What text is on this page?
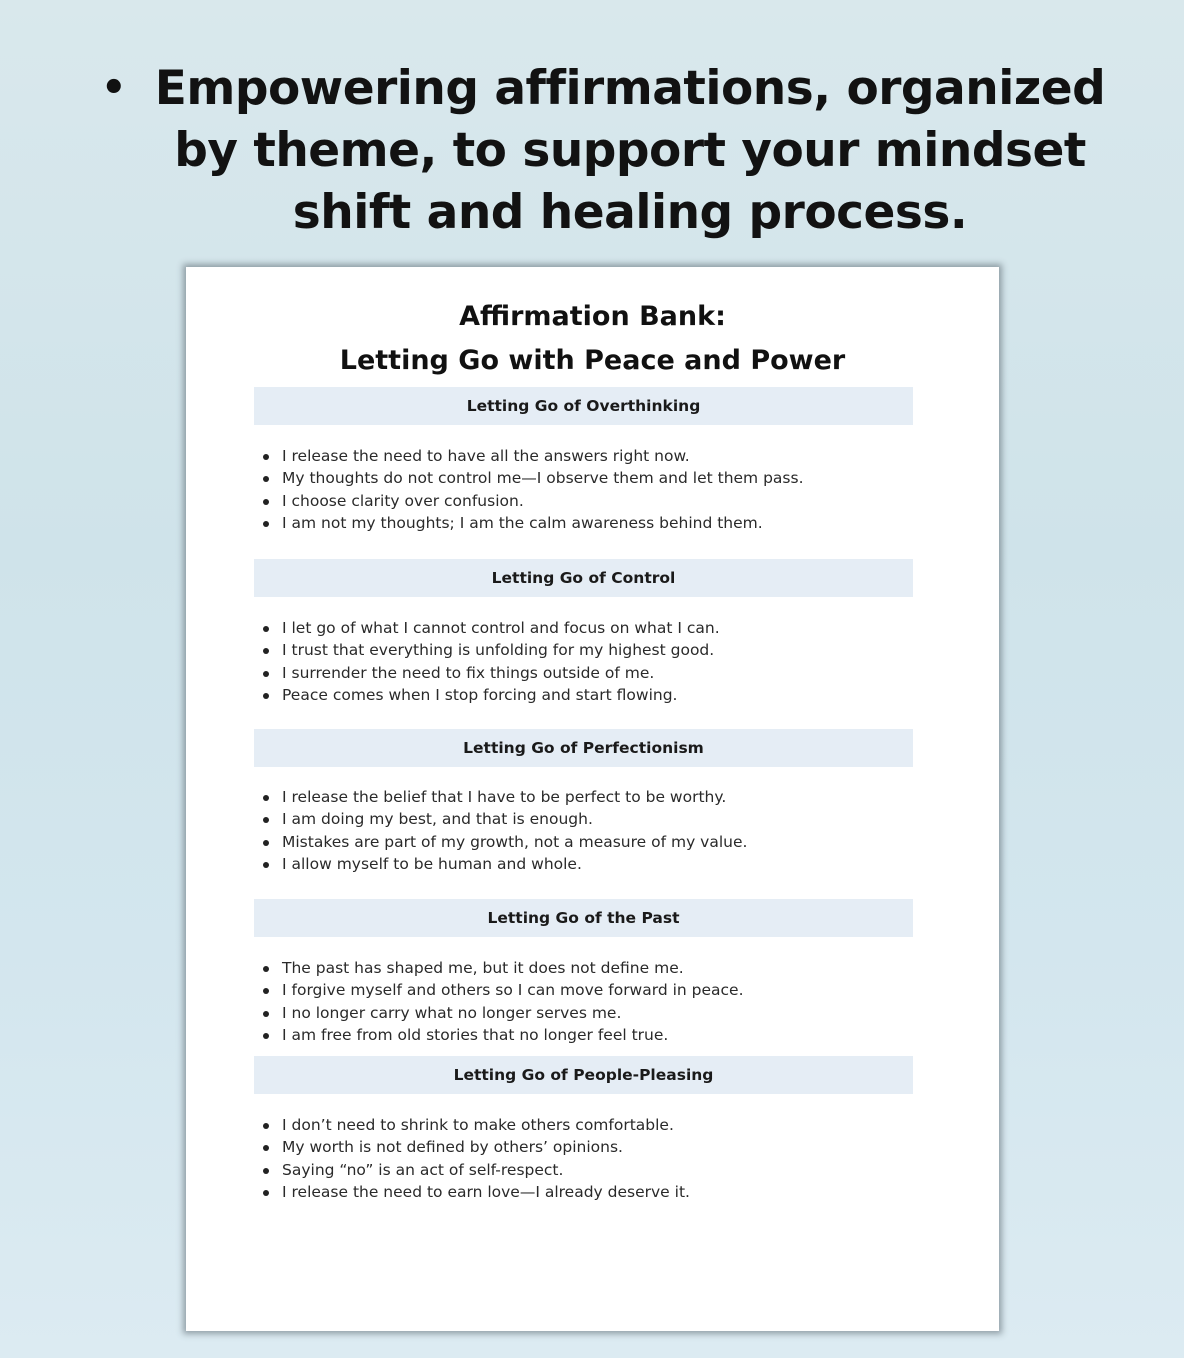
• Empowering affirmations, organized by theme, to support your mindset shift and healing process.
Affirmation Bank:
Letting Go with Peace and Power
Letting Go of Overthinking
I release the need to have all the answers right now.
My thoughts do not control me—I observe them and let them pass.
I choose clarity over confusion.
I am not my thoughts; I am the calm awareness behind them.
Letting Go of Control
I let go of what I cannot control and focus on what I can.
I trust that everything is unfolding for my highest good.
I surrender the need to fix things outside of me.
Peace comes when I stop forcing and start flowing.
Letting Go of Perfectionism
I release the belief that I have to be perfect to be worthy.
I am doing my best, and that is enough.
Mistakes are part of my growth, not a measure of my value.
I allow myself to be human and whole.
Letting Go of the Past
The past has shaped me, but it does not define me.
I forgive myself and others so I can move forward in peace.
I no longer carry what no longer serves me.
I am free from old stories that no longer feel true.
Letting Go of People-Pleasing
I don’t need to shrink to make others comfortable.
My worth is not defined by others’ opinions.
Saying “no” is an act of self-respect.
I release the need to earn love—I already deserve it.
